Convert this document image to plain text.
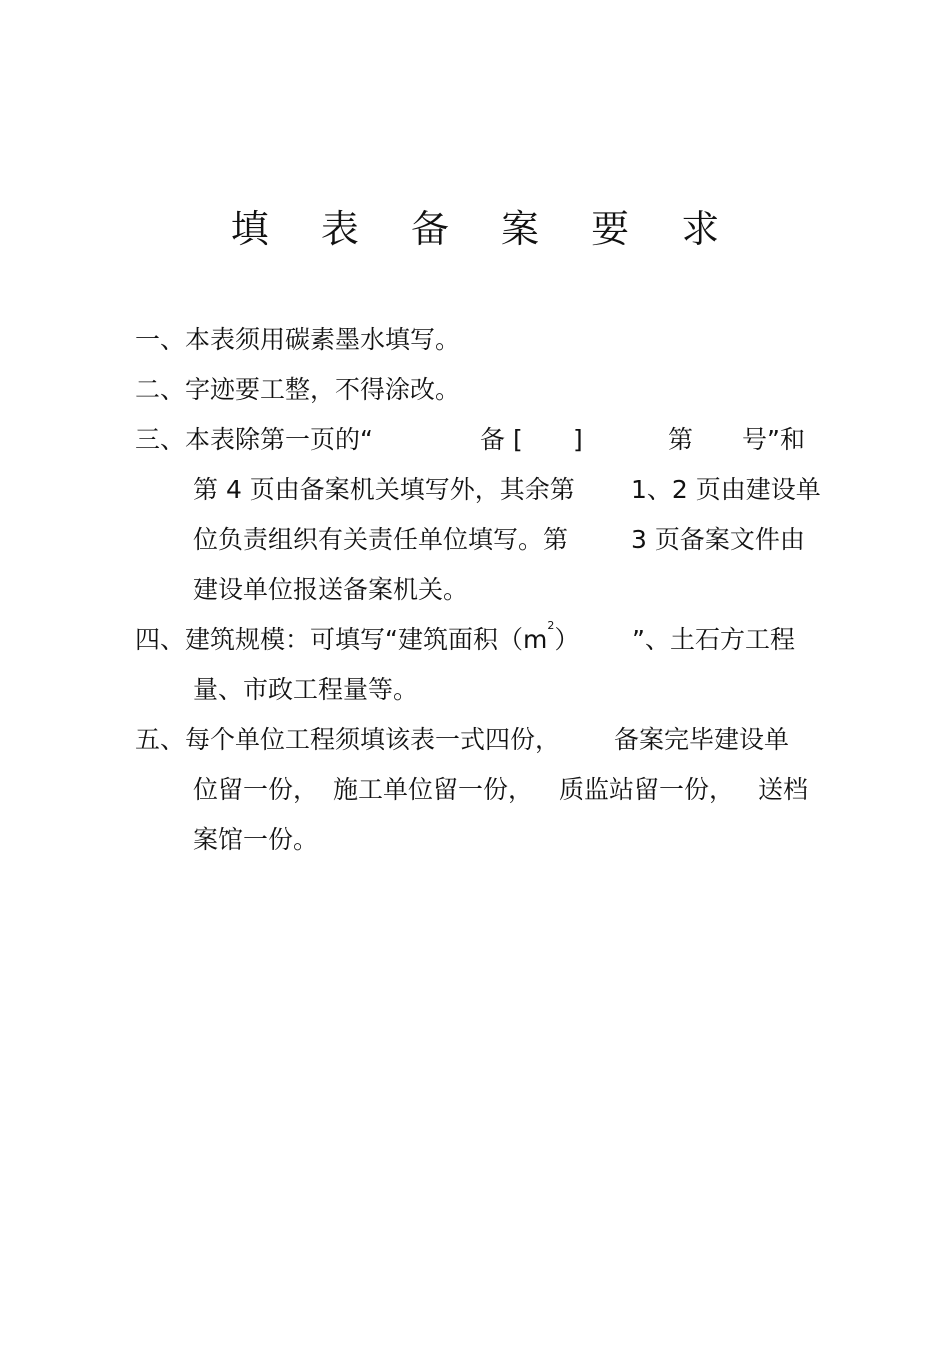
填 表 备 案 要 求

一、本表须用碳素墨水填写。

二、字迹要工整，不得涂改。

三、本表除第一页的“

	备 [

]

	第

号”和

第 4 页由备案机关填写外，其余第

1、2 页由建设单

位负责组织有关责任单位填写。第

	3 页备案文件由

建设单位报送备案机关。

四、建筑规模：可填写“建筑面积$(m^2)$

”、土石方工程

量、市政工程量等。

五、每个单位工程须填该表一式四份，

备案完毕建设单

位留一份，

施工单位留一份，

质监站留一份，

送档

案馆一份。
